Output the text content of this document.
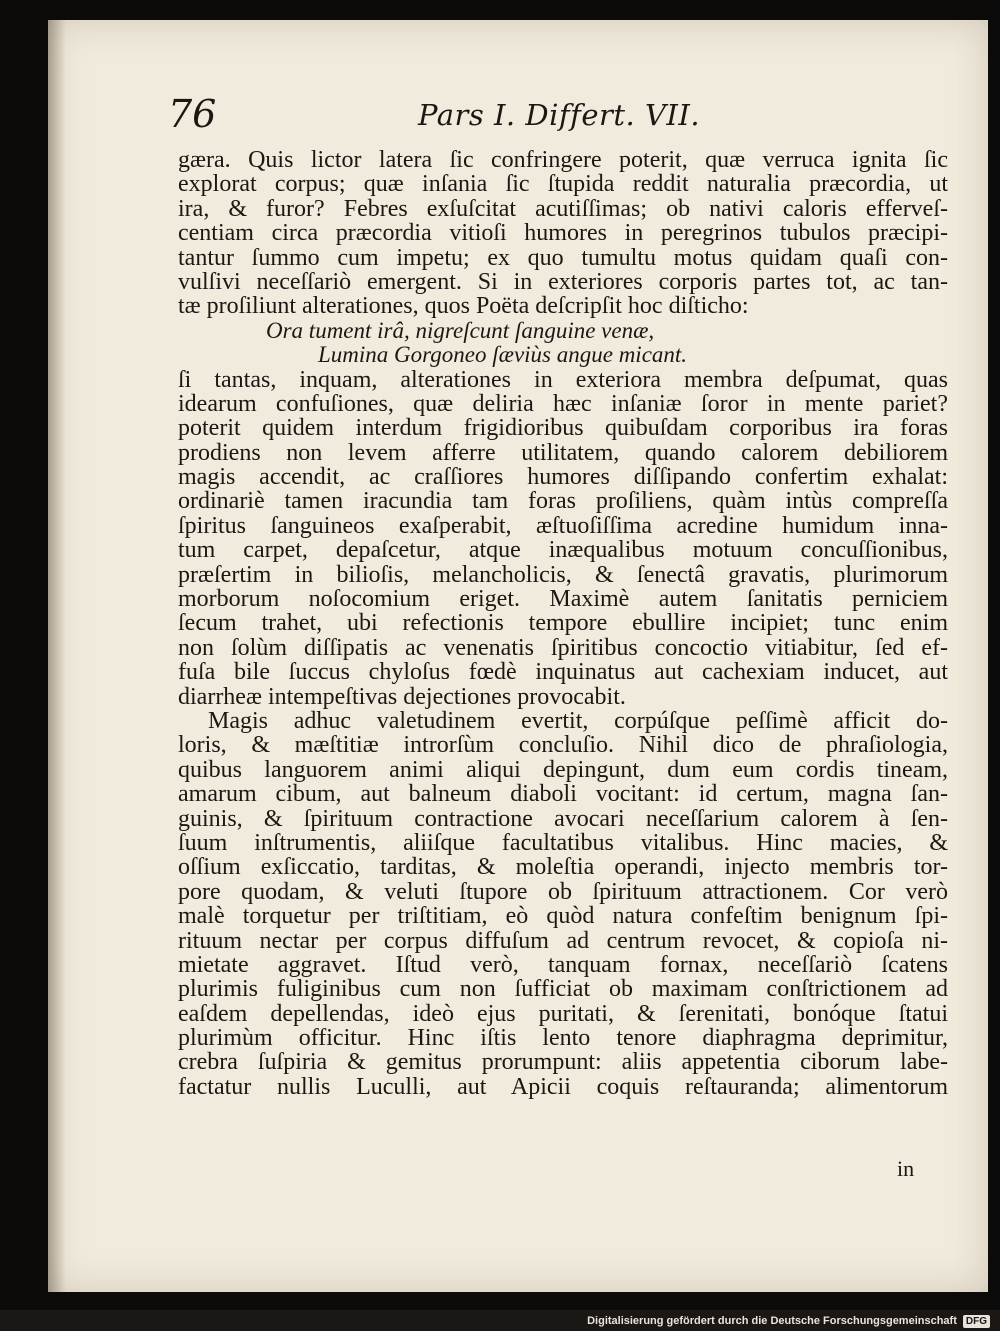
76	Pars I. Differt. VII.
gæra. Quis lictor latera ſic confringere poterit, quæ verruca ignita ſic
explorat corpus; quæ inſania ſic ſtupida reddit naturalia præcordia, ut
ira, & furor? Febres exſuſcitat acutiſſimas; ob nativi caloris efferveſ-
centiam circa præcordia vitioſi humores in peregrinos tubulos præcipi-
tantur ſummo cum impetu; ex quo tumultu motus quidam quaſi con-
vulſivi neceſſariò emergent. Si in exteriores corporis partes tot, ac tan-
tæ proſiliunt alterationes, quos Poëta deſcripſit hoc diſticho:
Ora tument irâ, nigreſcunt ſanguine venæ,
Lumina Gorgoneo ſæviùs angue micant.
ſi tantas, inquam, alterationes in exteriora membra deſpumat, quas
idearum confuſiones, quæ deliria hæc inſaniæ ſoror in mente pariet?
poterit quidem interdum frigidioribus quibuſdam corporibus ira foras
prodiens non levem afferre utilitatem, quando calorem debiliorem
magis accendit, ac craſſiores humores diſſipando confertim exhalat:
ordinariè tamen iracundia tam foras proſiliens, quàm intùs compreſſa
ſpiritus ſanguineos exaſperabit, æſtuoſiſſima acredine humidum inna-
tum carpet, depaſcetur, atque inæqualibus motuum concuſſionibus,
præſertim in bilioſis, melancholicis, & ſenectâ gravatis, plurimorum
morborum noſocomium eriget. Maximè autem ſanitatis perniciem
ſecum trahet, ubi refectionis tempore ebullire incipiet; tunc enim
non ſolùm diſſipatis ac venenatis ſpiritibus concoctio vitiabitur, ſed ef-
fuſa bile ſuccus chyloſus fœdè inquinatus aut cachexiam inducet, aut
diarrheæ intempeſtivas dejectiones provocabit.
Magis adhuc valetudinem evertit, corpúſque peſſimè afficit do-
loris, & mæſtitiæ introrſùm concluſio. Nihil dico de phraſiologia,
quibus languorem animi aliqui depingunt, dum eum cordis tineam,
amarum cibum, aut balneum diaboli vocitant: id certum, magna ſan-
guinis, & ſpirituum contractione avocari neceſſarium calorem à ſen-
ſuum inſtrumentis, aliiſque facultatibus vitalibus. Hinc macies, &
oſſium exſiccatio, tarditas, & moleſtia operandi, injecto membris tor-
pore quodam, & veluti ſtupore ob ſpirituum attractionem. Cor verò
malè torquetur per triſtitiam, eò quòd natura confeſtim benignum ſpi-
rituum nectar per corpus diffuſum ad centrum revocet, & copioſa ni-
mietate aggravet. Iſtud verò, tanquam fornax, neceſſariò ſcatens
plurimis fuliginibus cum non ſufficiat ob maximam conſtrictionem ad
eaſdem depellendas, ideò ejus puritati, & ſerenitati, bonóque ſtatui
plurimùm officitur. Hinc iſtis lento tenore diaphragma deprimitur,
crebra ſuſpiria & gemitus prorumpunt: aliis appetentia ciborum labe-
factatur nullis Luculli, aut Apicii coquis reſtauranda; alimentorum
in
Digitalisierung gefördert durch die Deutsche Forschungsgemeinschaft DFG
